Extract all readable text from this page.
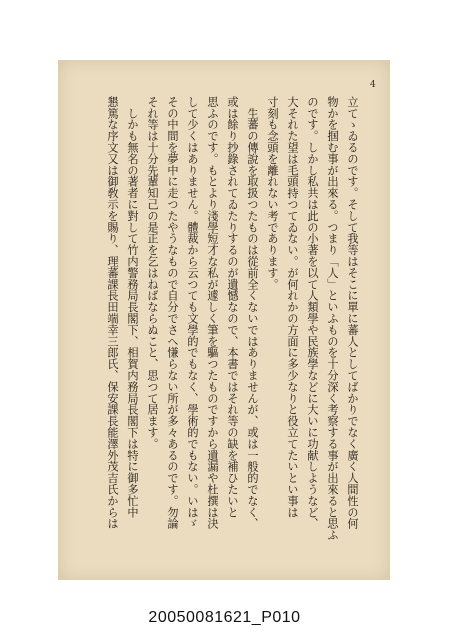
4

立てゝゐるのです。そして我等はそこに單に蕃人としてばかりでなく廣く人間性の何

物かを掴む事が出來る。つまり「人」といふものを十分深く考察する事が出來ると思ふ

のです。しかし私共は此の小著を以て人類學や民族學などに大いに功献しようなど、

大それた望は毛頭持つてゐない。が何れかの方面に多少なりと役立てたいとい事は

寸刻も念頭を離れない考であります。

　生蕃の傳說を取扱つたものは從前全くないではありませんが、或は一般的でなく、

或は餘り抄錄されてゐたりするのが遺憾なので、本書ではそれ等の缺を補ひたいと

思ふのです。もとより淺學短才な私が遽しく筆を驅つたものですから遺漏や杜撰は決

して少くはありません。體裁から云つても文學的でもなく、學術的でもない。いはゞ

その中間を夢中に走つたやうなもので自分でさへ慊らない所が多々あるのです。勿論

それ等は十分先輩知己の是正を乞はねばならぬこと、思つて居ます。

　しかも無名の著者に對して竹内警務局長閣下、相賀内務局長閣下は特に御多忙中

懇篤な序文又は御敎示を賜り、理蕃課長田端幸三郎氏、保安課長能澤外茂吉氏からは

20050081621_P010
